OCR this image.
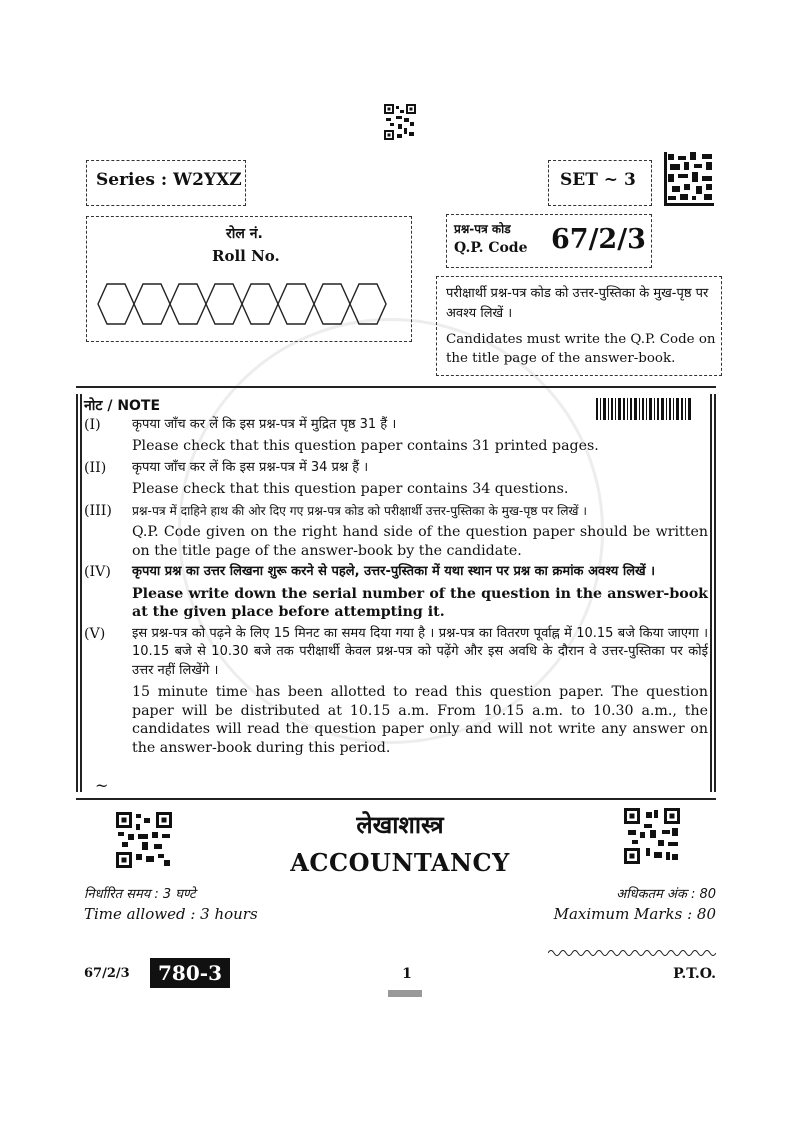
Series : W2YXZ	SET ~ 3
रोल नं.
Roll No.
प्रश्न-पत्र कोड
Q.P. Code 67/2/3
परीक्षार्थी प्रश्न-पत्र कोड को उत्तर-पुस्तिका के मुख-पृष्ठ पर अवश्य लिखें ।
Candidates must write the Q.P. Code on the title page of the answer-book.
नोट / NOTE
(I)	कृपया जाँच कर लें कि इस प्रश्न-पत्र में मुद्रित पृष्ठ 31 हैं ।

Please check that this question paper contains 31 printed pages.

(II)	कृपया जाँच कर लें कि इस प्रश्न-पत्र में 34 प्रश्न हैं ।

Please check that this question paper contains 34 questions.

(III)	प्रश्न-पत्र में दाहिने हाथ की ओर दिए गए प्रश्न-पत्र कोड को परीक्षार्थी उत्तर-पुस्तिका के मुख-पृष्ठ पर लिखें ।

Q.P. Code given on the right hand side of the question paper should be written on the title page of the answer-book by the candidate.

(IV)	कृपया प्रश्न का उत्तर लिखना शुरू करने से पहले, उत्तर-पुस्तिका में यथा स्थान पर प्रश्न का क्रमांक अवश्य लिखें ।

Please write down the serial number of the question in the answer-book at the given place before attempting it.

(V)	इस प्रश्न-पत्र को पढ़ने के लिए 15 मिनट का समय दिया गया है । प्रश्न-पत्र का वितरण पूर्वाह्न में 10.15 बजे किया जाएगा । 10.15 बजे से 10.30 बजे तक परीक्षार्थी केवल प्रश्न-पत्र को पढ़ेंगे और इस अवधि के दौरान वे उत्तर-पुस्तिका पर कोई उत्तर नहीं लिखेंगे ।

15 minute time has been allotted to read this question paper. The question paper will be distributed at 10.15 a.m. From 10.15 a.m. to 10.30 a.m., the candidates will read the question paper only and will not write any answer on the answer-book during this period.

~
लेखाशास्त्र
ACCOUNTANCY
निर्धारित समय : 3 घण्टे
Time allowed : 3 hours
अधिकतम अंक : 80
Maximum Marks : 80
67/2/3	780-3	1	P.T.O.
